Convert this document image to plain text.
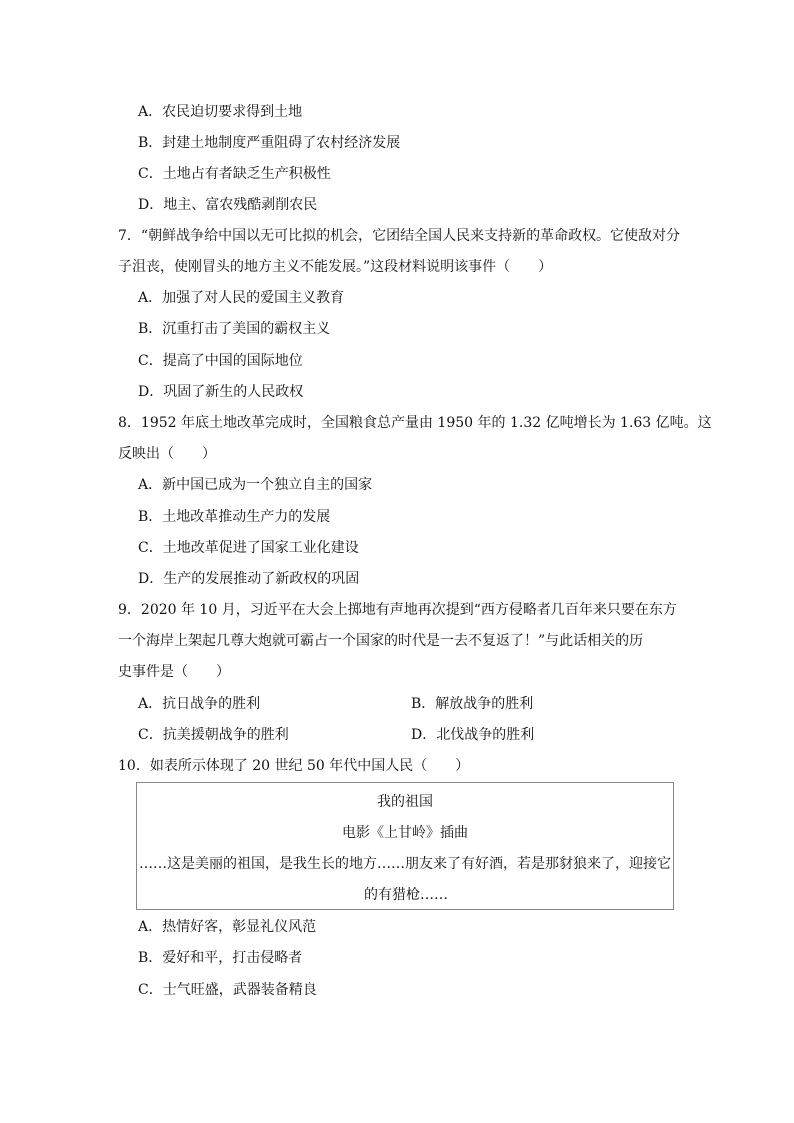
A．农民迫切要求得到土地
B．封建土地制度严重阻碍了农村经济发展
C．土地占有者缺乏生产积极性
D．地主、富农残酷剥削农民
7．“朝鲜战争给中国以无可比拟的机会，它团结全国人民来支持新的革命政权。它使敌对分
子沮丧，使刚冒头的地方主义不能发展。”这段材料说明该事件（　　）
A．加强了对人民的爱国主义教育
B．沉重打击了美国的霸权主义
C．提高了中国的国际地位
D．巩固了新生的人民政权
8．1952 年底土地改革完成时，全国粮食总产量由 1950 年的 1.32 亿吨增长为 1.63 亿吨。这
反映出（　　）
A．新中国已成为一个独立自主的国家
B．土地改革推动生产力的发展
C．土地改革促进了国家工业化建设
D．生产的发展推动了新政权的巩固
9．2020 年 10 月，习近平在大会上掷地有声地再次提到“西方侵略者几百年来只要在东方
一个海岸上架起几尊大炮就可霸占一个国家的时代是一去不复返了！”与此话相关的历
史事件是（　　）
A．抗日战争的胜利	B．解放战争的胜利
C．抗美援朝战争的胜利	D．北伐战争的胜利
10．如表所示体现了 20 世纪 50 年代中国人民（　　）
我的祖国
电影《上甘岭》插曲
……这是美丽的祖国，是我生长的地方……朋友来了有好酒，若是那豺狼来了，迎接它
的有猎枪……
A．热情好客，彰显礼仪风范
B．爱好和平，打击侵略者
C．士气旺盛，武器装备精良
